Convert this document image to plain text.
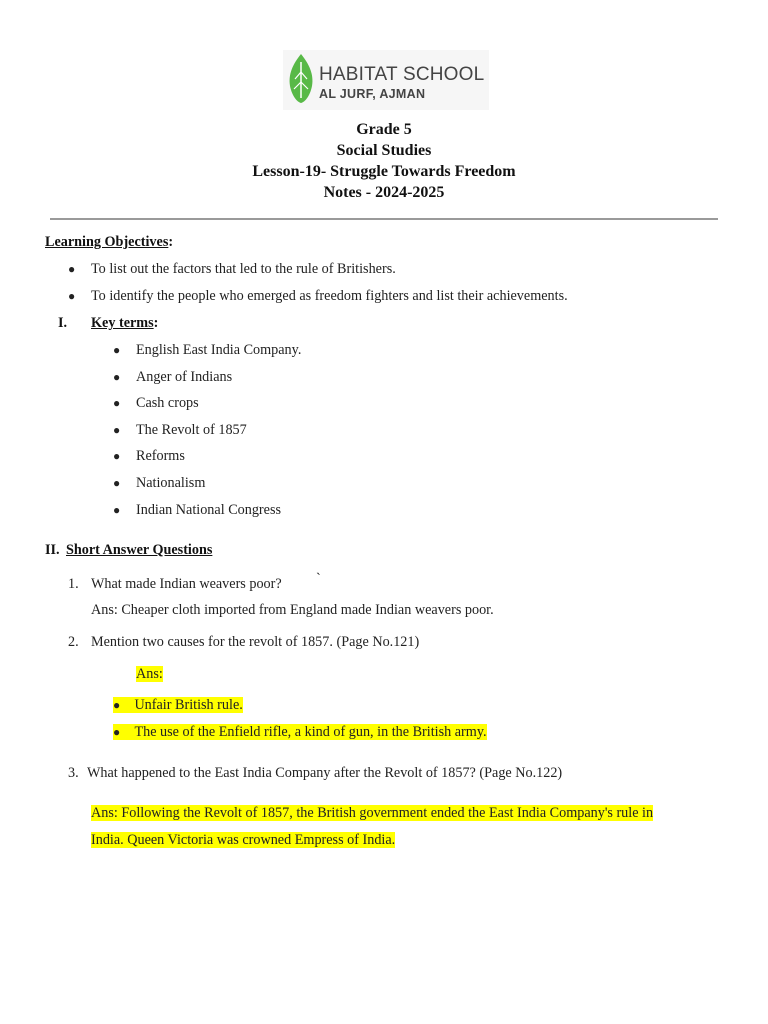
HABITAT SCHOOL
AL JURF, AJMAN
Grade 5
Social Studies
Lesson-19- Struggle Towards Freedom
Notes - 2024-2025
Learning Objectives:
● To list out the factors that led to the rule of Britishers.
● To identify the people who emerged as freedom fighters and list their achievements.
I. Key terms:
● English East India Company.
● Anger of Indians
● Cash crops
● The Revolt of 1857
● Reforms
● Nationalism
● Indian National Congress
II. Short Answer Questions
1. What made Indian weavers poor? `
Ans: Cheaper cloth imported from England made Indian weavers poor.
2. Mention two causes for the revolt of 1857. (Page No.121)
Ans:
● Unfair British rule.
● The use of the Enfield rifle, a kind of gun, in the British army.
3. What happened to the East India Company after the Revolt of 1857? (Page No.122)
Ans: Following the Revolt of 1857, the British government ended the East India Company's rule in
India. Queen Victoria was crowned Empress of India.
